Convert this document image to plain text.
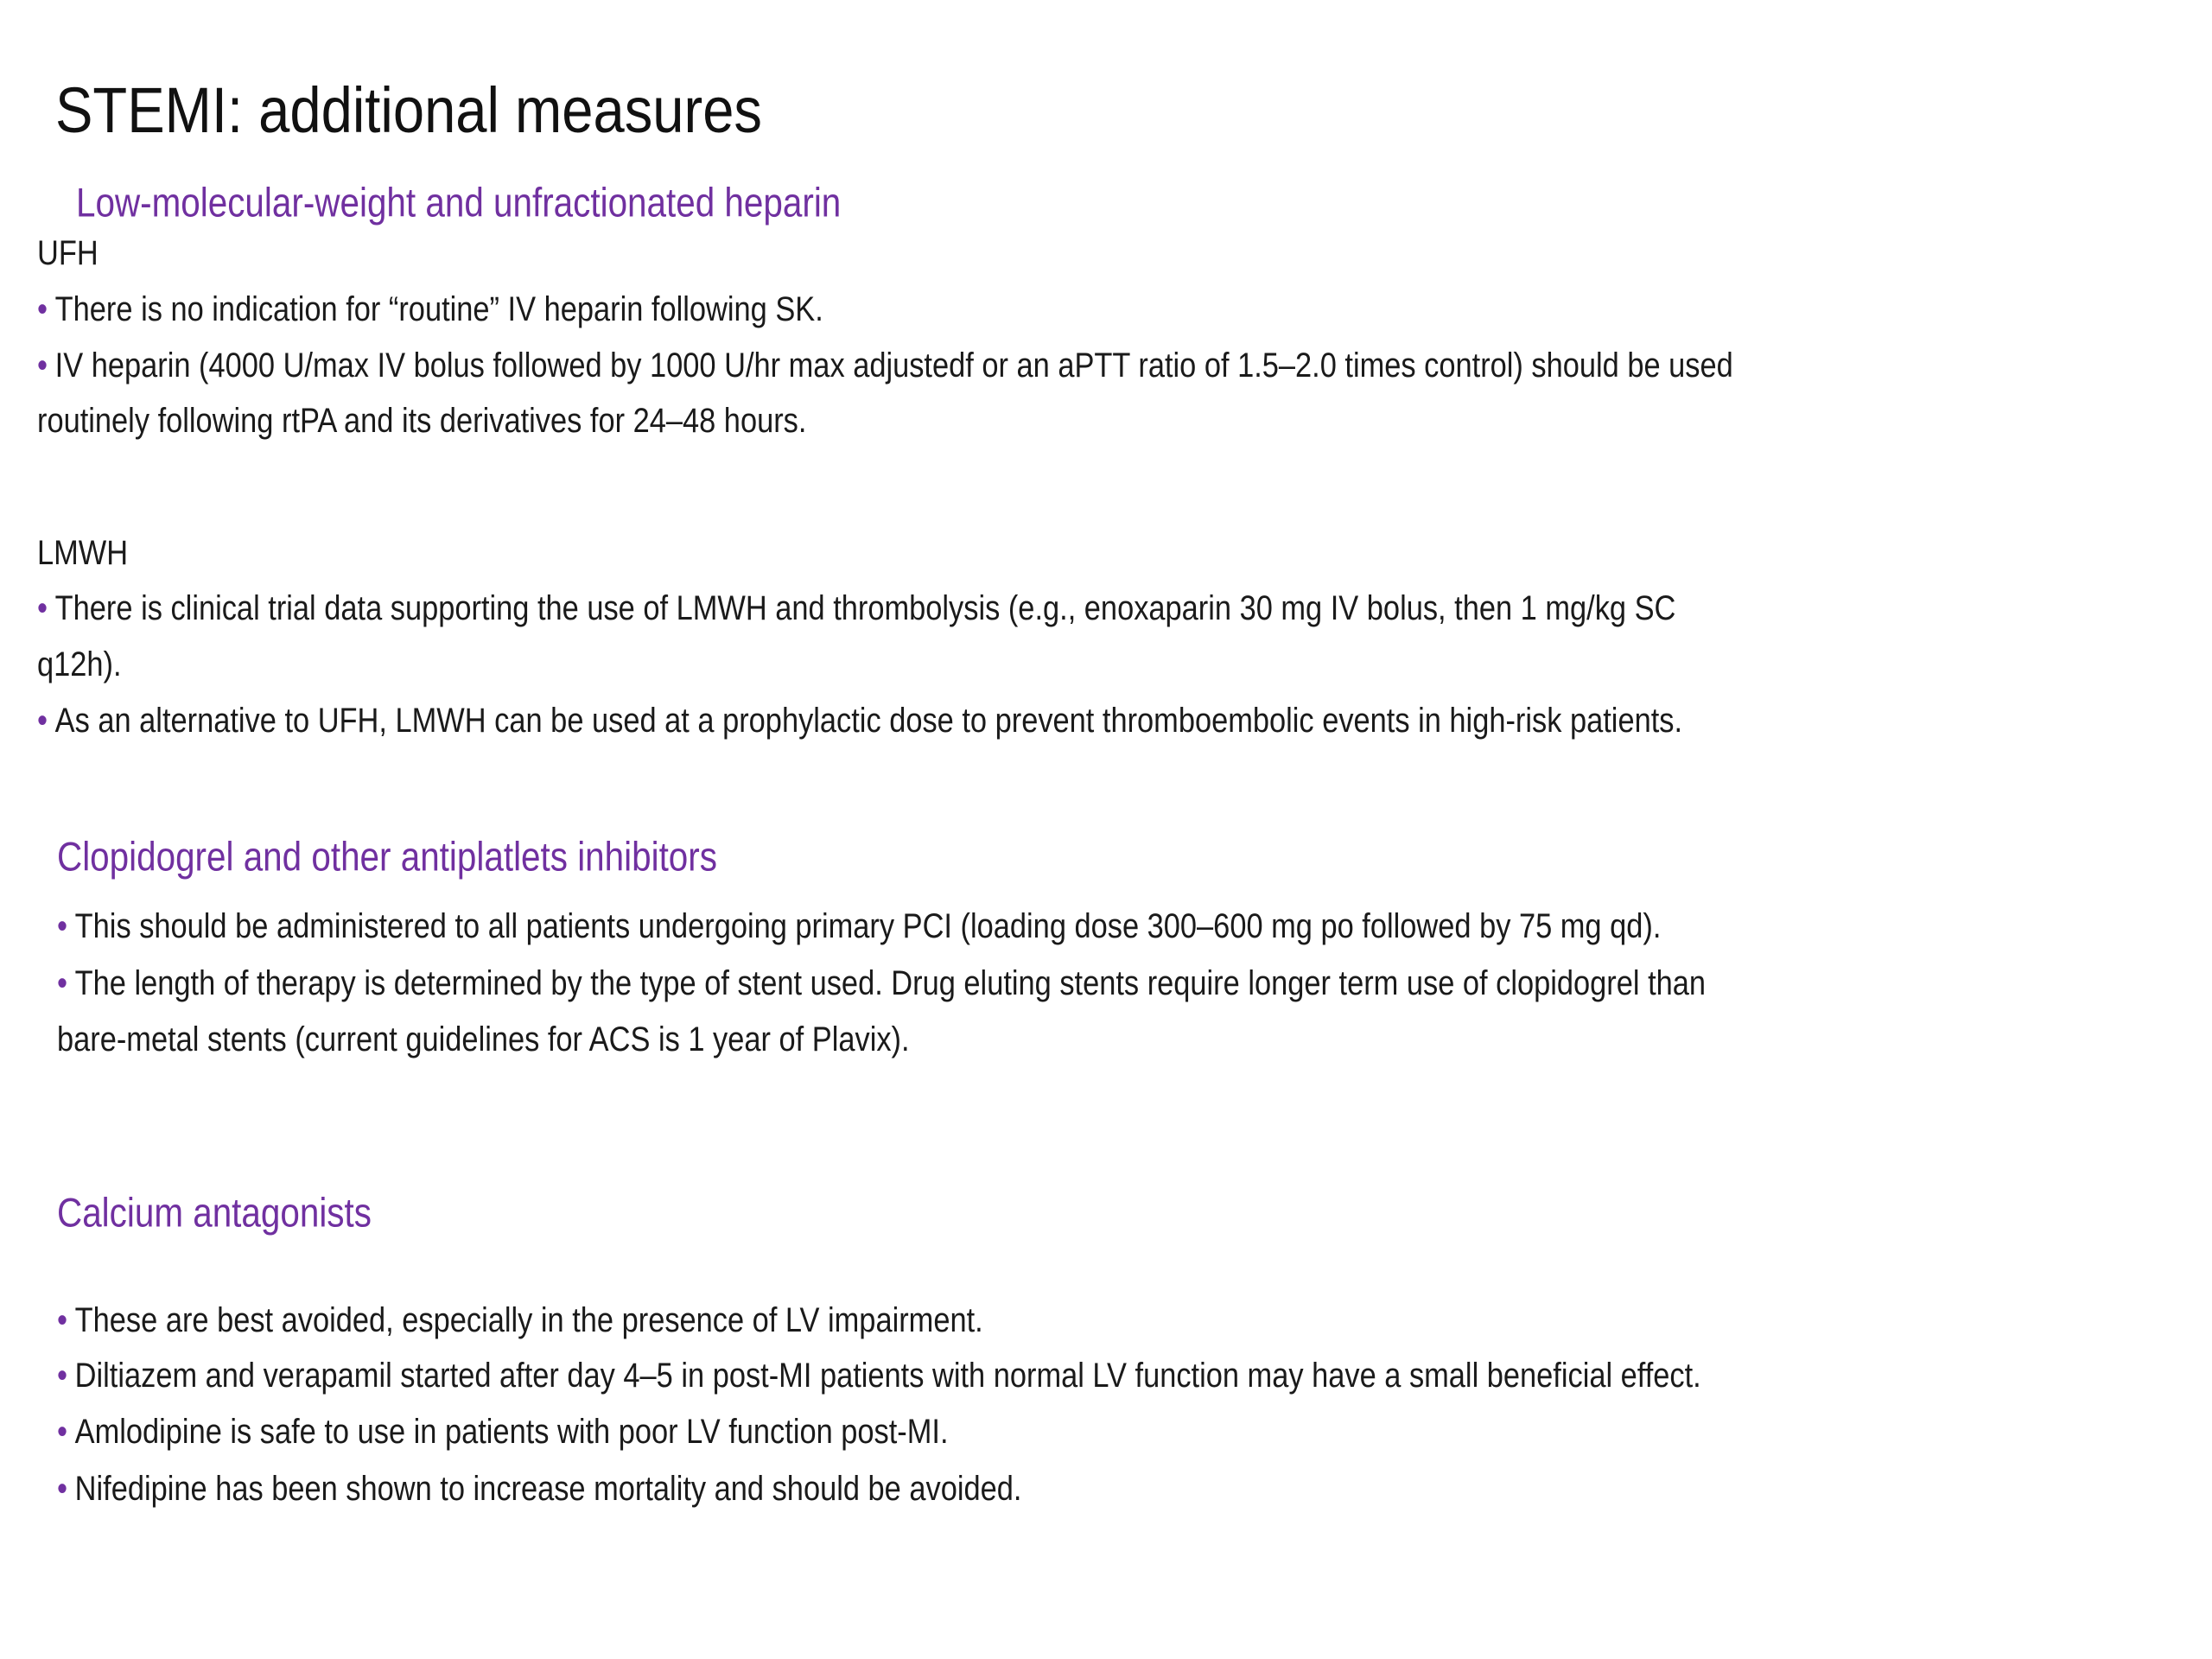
STEMI: additional measures
Low-molecular-weight and unfractionated heparin
UFH
• There is no indication for “routine” IV heparin following SK.
• IV heparin (4000 U/max IV bolus followed by 1000 U/hr max adjustedf or an aPTT ratio of 1.5–2.0 times control) should be used
routinely following rtPA and its derivatives for 24–48 hours.
LMWH
• There is clinical trial data supporting the use of LMWH and thrombolysis (e.g., enoxaparin 30 mg IV bolus, then 1 mg/kg SC
q12h).
• As an alternative to UFH, LMWH can be used at a prophylactic dose to prevent thromboembolic events in high-risk patients.
Clopidogrel and other antiplatlets inhibitors
• This should be administered to all patients undergoing primary PCI (loading dose 300–600 mg po followed by 75 mg qd).
• The length of therapy is determined by the type of stent used. Drug eluting stents require longer term use of clopidogrel than
bare-metal stents (current guidelines for ACS is 1 year of Plavix).
Calcium antagonists
• These are best avoided, especially in the presence of LV impairment.
• Diltiazem and verapamil started after day 4–5 in post-MI patients with normal LV function may have a small beneficial effect.
• Amlodipine is safe to use in patients with poor LV function post-MI.
• Nifedipine has been shown to increase mortality and should be avoided.
